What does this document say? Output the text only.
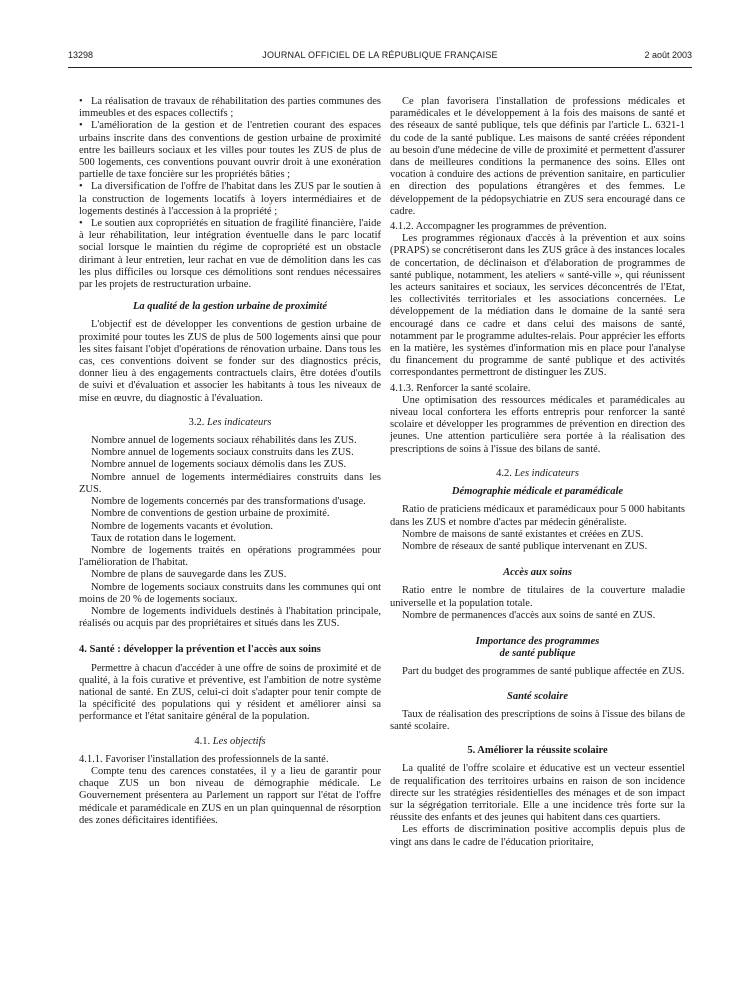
13298	JOURNAL OFFICIEL DE LA RÉPUBLIQUE FRANÇAISE	2 août 2003

• La réalisation de travaux de réhabilitation des parties communes des immeubles et des espaces collectifs ;

• L'amélioration de la gestion et de l'entretien courant des espaces urbains inscrite dans des conventions de gestion urbaine de proximité entre les bailleurs sociaux et les villes pour toutes les ZUS de plus de 500 logements, ces conventions pouvant ouvrir droit à une exonération partielle de taxe foncière sur les propriétés bâties ;

• La diversification de l'offre de l'habitat dans les ZUS par le soutien à la construction de logements locatifs à loyers intermédiaires et de logements destinés à l'accession à la propriété ;

• Le soutien aux copropriétés en situation de fragilité financière, l'aide à leur réhabilitation, leur intégration éventuelle dans le parc locatif social lorsque le maintien du régime de copropriété est un obstacle dirimant à leur entretien, leur rachat en vue de démolition dans les cas les plus difficiles ou lorsque ces démolitions sont rendues nécessaires par les projets de restructuration urbaine.

La qualité de la gestion urbaine de proximité

L'objectif est de développer les conventions de gestion urbaine de proximité pour toutes les ZUS de plus de 500 logements ainsi que pour les sites faisant l'objet d'opérations de rénovation urbaine. Dans tous les cas, ces conventions doivent se fonder sur des diagnostics précis, donner lieu à des engagements contractuels clairs, être dotées d'outils de suivi et d'évaluation et associer les habitants à tous les niveaux de mise en œuvre, du diagnostic à l'évaluation.

3.2. Les indicateurs

Nombre annuel de logements sociaux réhabilités dans les ZUS.

Nombre annuel de logements sociaux construits dans les ZUS.

Nombre annuel de logements sociaux démolis dans les ZUS.

Nombre annuel de logements intermédiaires construits dans les ZUS.

Nombre de logements concernés par des transformations d'usage.

Nombre de conventions de gestion urbaine de proximité.

Nombre de logements vacants et évolution.

Taux de rotation dans le logement.

Nombre de logements traités en opérations programmées pour l'amélioration de l'habitat.

Nombre de plans de sauvegarde dans les ZUS.

Nombre de logements sociaux construits dans les communes qui ont moins de 20 % de logements sociaux.

Nombre de logements individuels destinés à l'habitation principale, réalisés ou acquis par des propriétaires et situés dans les ZUS.

4. Santé : développer la prévention et l'accès aux soins

Permettre à chacun d'accéder à une offre de soins de proximité et de qualité, à la fois curative et préventive, est l'ambition de notre système national de santé. En ZUS, celui-ci doit s'adapter pour tenir compte de la spécificité des populations qui y résident et améliorer ainsi sa performance et l'état sanitaire général de la population.

4.1. Les objectifs

4.1.1. Favoriser l'installation des professionnels de la santé.

Compte tenu des carences constatées, il y a lieu de garantir pour chaque ZUS un bon niveau de démographie médicale. Le Gouvernement présentera au Parlement un rapport sur l'état de l'offre médicale et paramédicale en ZUS en un plan quinquennal de résorption des zones déficitaires identifiées.

Ce plan favorisera l'installation de professions médicales et paramédicales et le développement à la fois des maisons de santé et des réseaux de santé publique, tels que définis par l'article L. 6321-1 du code de la santé publique. Les maisons de santé créées répondent au besoin d'une médecine de ville de proximité et permettent d'assurer dans de meilleures conditions la permanence des soins. Elles ont vocation à conduire des actions de prévention sanitaire, en particulier en direction des populations étrangères et des femmes. Le développement de la pédopsychiatrie en ZUS sera encouragé dans ce cadre.

4.1.2. Accompagner les programmes de prévention.

Les programmes régionaux d'accès à la prévention et aux soins (PRAPS) se concrétiseront dans les ZUS grâce à des instances locales de concertation, de déclinaison et d'élaboration de programmes de santé publique, notamment, les ateliers « santé-ville », qui réunissent les acteurs sanitaires et sociaux, les services déconcentrés de l'Etat, les collectivités territoriales et les associations concernées. Le développement de la médiation dans le domaine de la santé sera encouragé dans ce cadre et dans celui des maisons de santé, notamment par le programme adultes-relais. Pour apprécier les efforts en la matière, les systèmes d'information mis en place pour l'analyse du financement du programme de santé publique et des activités correspondantes permettront de distinguer les ZUS.

4.1.3. Renforcer la santé scolaire.

Une optimisation des ressources médicales et paramédicales au niveau local confortera les efforts entrepris pour renforcer la santé scolaire et développer les programmes de prévention en direction des jeunes. Une attention particulière sera portée à la réalisation des prescriptions de soins à l'issue des bilans de santé.

4.2. Les indicateurs
Démographie médicale et paramédicale

Ratio de praticiens médicaux et paramédicaux pour 5 000 habitants dans les ZUS et nombre d'actes par médecin généraliste.

Nombre de maisons de santé existantes et créées en ZUS.

Nombre de réseaux de santé publique intervenant en ZUS.

Accès aux soins

Ratio entre le nombre de titulaires de la couverture maladie universelle et la population totale.

Nombre de permanences d'accès aux soins de santé en ZUS.

Importance des programmes
de santé publique

Part du budget des programmes de santé publique affectée en ZUS.

Santé scolaire

Taux de réalisation des prescriptions de soins à l'issue des bilans de santé scolaire.

5. Améliorer la réussite scolaire

La qualité de l'offre scolaire et éducative est un vecteur essentiel de requalification des territoires urbains en raison de son incidence directe sur les stratégies résidentielles des ménages et de son impact sur la ségrégation territoriale. Elle a une incidence très forte sur la réussite des enfants et des jeunes qui habitent dans ces quartiers.

Les efforts de discrimination positive accomplis depuis plus de vingt ans dans le cadre de l'éducation prioritaire,
